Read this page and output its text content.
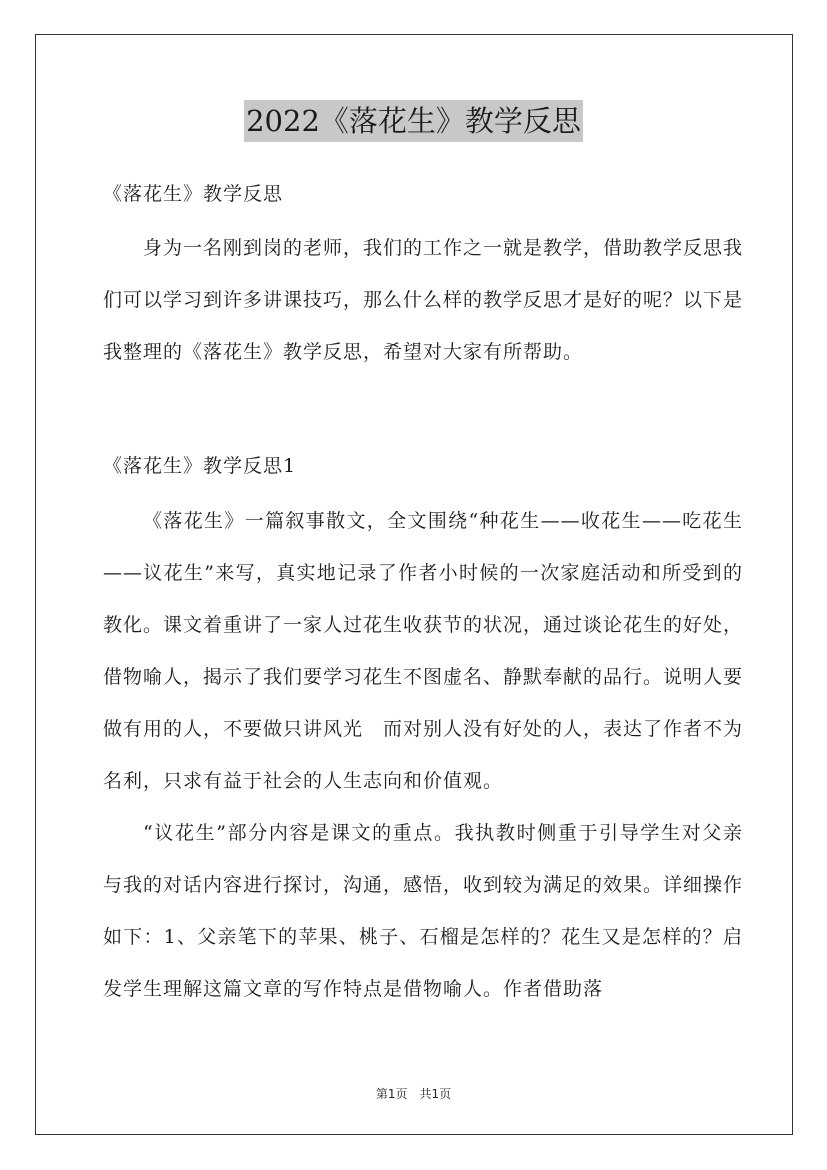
2022《落花生》教学反思
《落花生》教学反思

身为一名刚到岗的老师，我们的工作之一就是教学，借助教学反思我们可以学习到许多讲课技巧，那么什么样的教学反思才是好的呢？以下是我整理的《落花生》教学反思，希望对大家有所帮助。

《落花生》教学反思1

《落花生》一篇叙事散文，全文围绕“种花生——收花生——吃花生——议花生”来写，真实地记录了作者小时候的一次家庭活动和所受到的教化。课文着重讲了一家人过花生收获节的状况，通过谈论花生的好处，借物喻人，揭示了我们要学习花生不图虚名、静默奉献的品行。说明人要做有用的人，不要做只讲风光　而对别人没有好处的人，表达了作者不为名利，只求有益于社会的人生志向和价值观。

“议花生”部分内容是课文的重点。我执教时侧重于引导学生对父亲与我的对话内容进行探讨，沟通，感悟，收到较为满足的效果。详细操作如下：1、父亲笔下的苹果、桃子、石榴是怎样的？花生又是怎样的？启发学生理解这篇文章的写作特点是借物喻人。作者借助落

第1页　共1页
